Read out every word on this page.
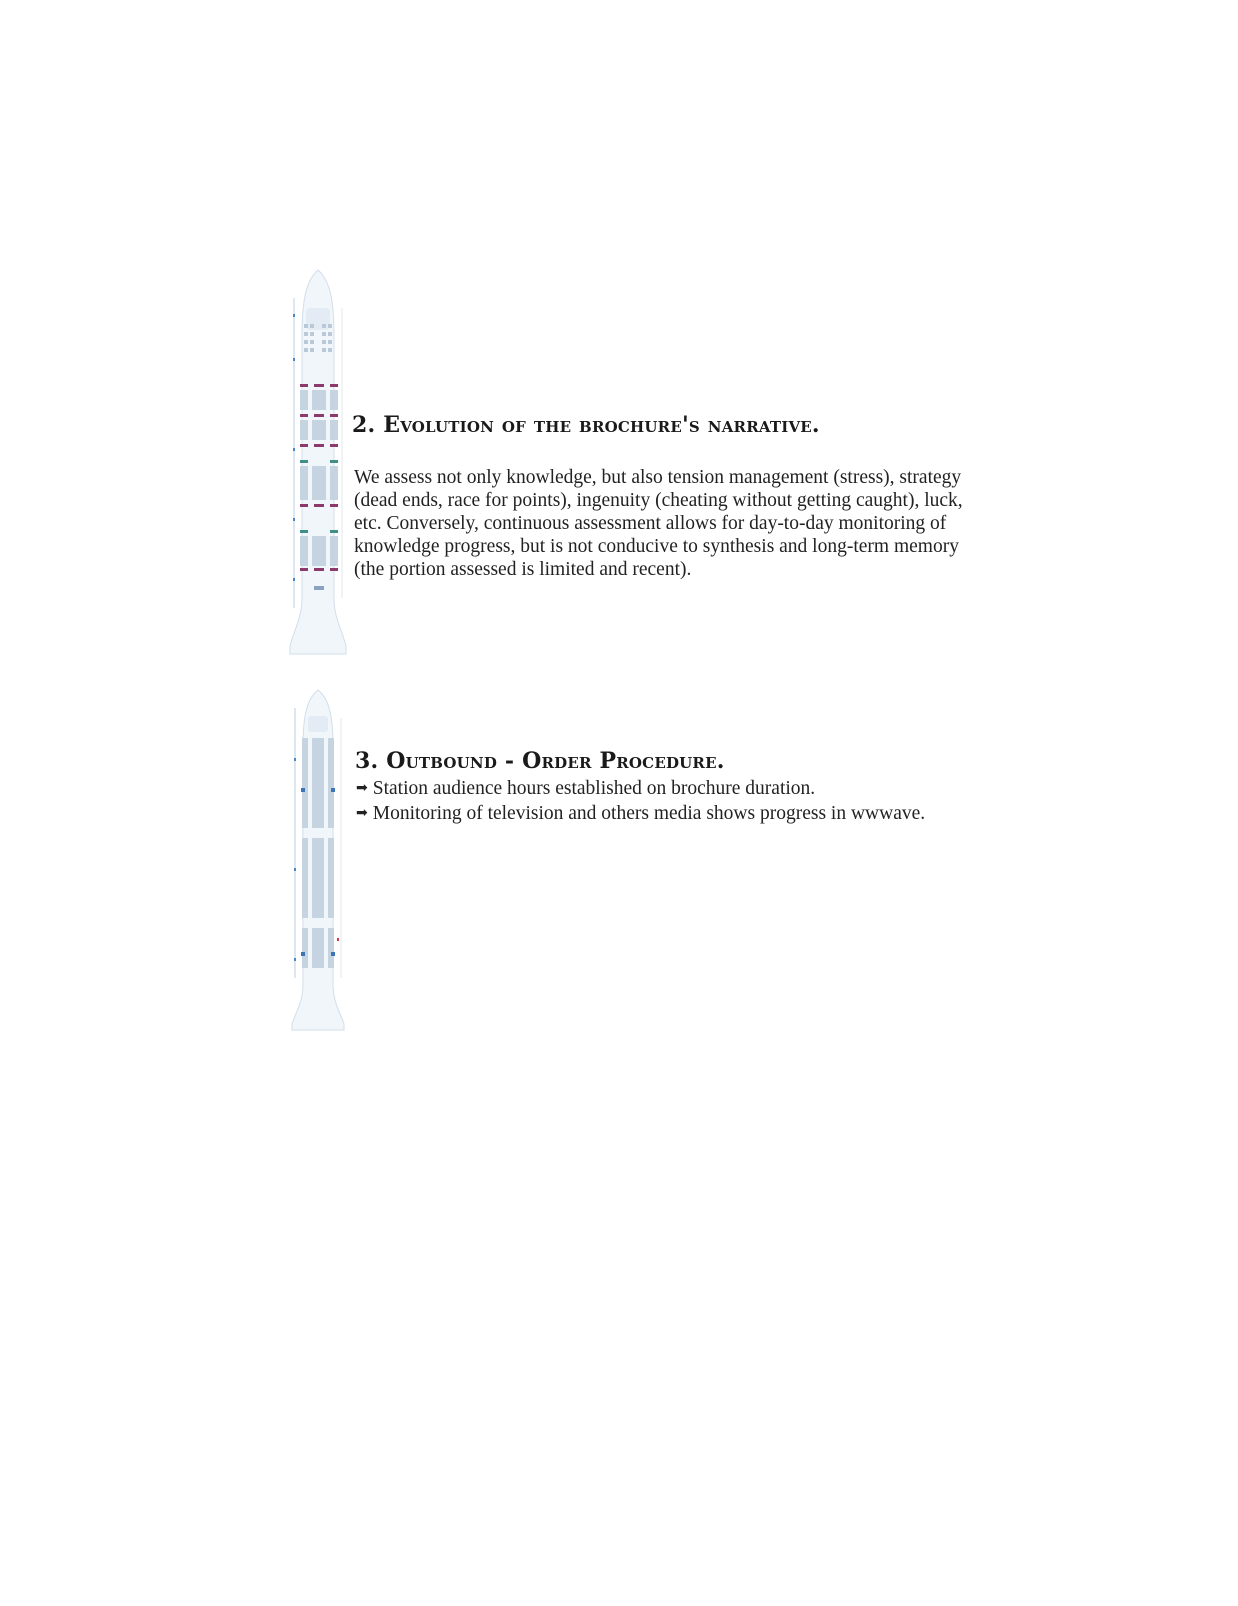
2. Evolution of the brochure's narrative.

We assess not only knowledge, but also tension management (stress), strategy (dead ends, race for points), ingenuity (cheating without getting caught), luck, etc. Conversely, continuous assessment allows for day-to-day monitoring of knowledge progress, but is not conducive to synthesis and long-term memory (the portion assessed is limited and recent).

3. Outbound - Order Procedure.
➡ Station audience hours established on brochure duration.
➡ Monitoring of television and others media shows progress in wwwave.
